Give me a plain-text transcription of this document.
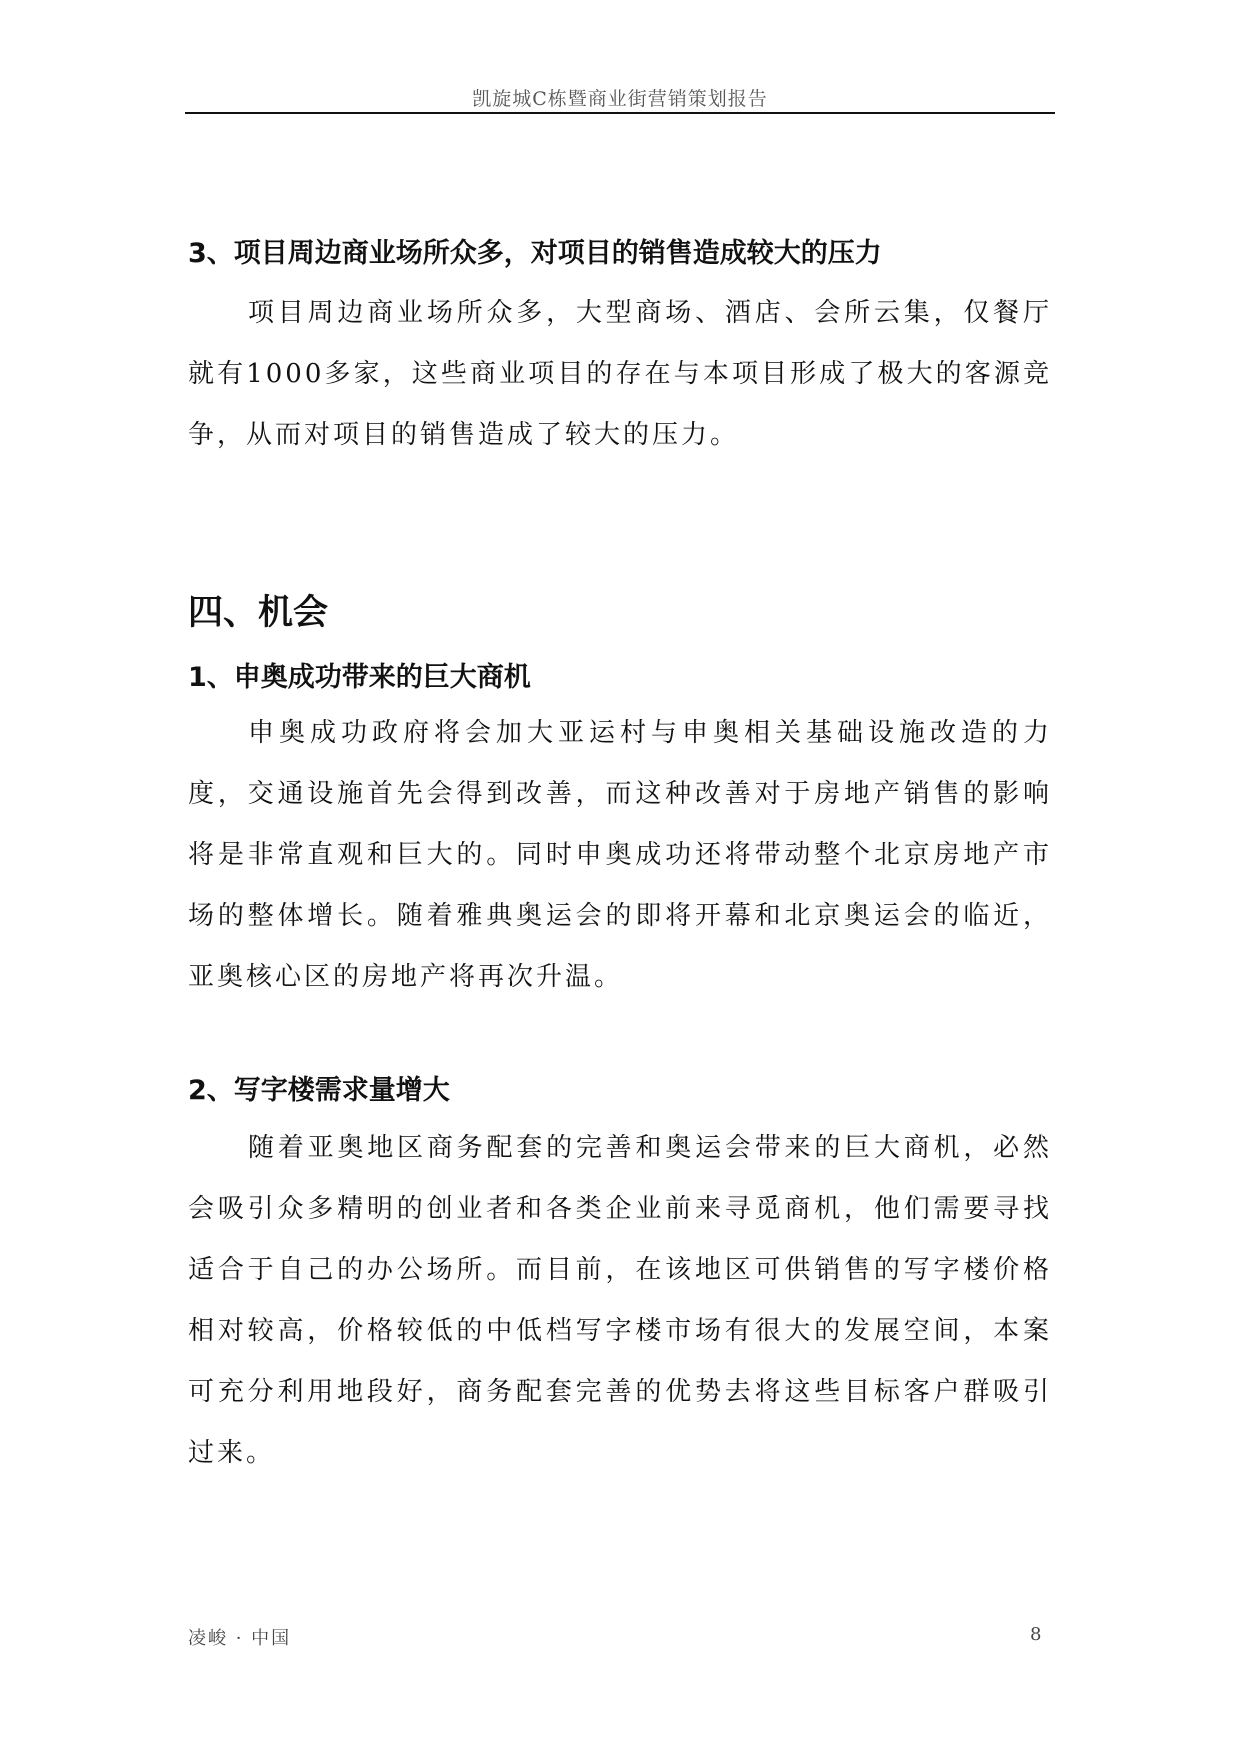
凯旋城C栋暨商业街营销策划报告
3、项目周边商业场所众多，对项目的销售造成较大的压力

项目周边商业场所众多，大型商场、酒店、会所云集，仅餐厅就有1000多家，这些商业项目的存在与本项目形成了极大的客源竞争，从而对项目的销售造成了较大的压力。

四、机会
1、申奥成功带来的巨大商机

申奥成功政府将会加大亚运村与申奥相关基础设施改造的力度，交通设施首先会得到改善，而这种改善对于房地产销售的影响将是非常直观和巨大的。同时申奥成功还将带动整个北京房地产市场的整体增长。随着雅典奥运会的即将开幕和北京奥运会的临近，亚奥核心区的房地产将再次升温。

2、写字楼需求量增大

随着亚奥地区商务配套的完善和奥运会带来的巨大商机，必然会吸引众多精明的创业者和各类企业前来寻觅商机，他们需要寻找适合于自己的办公场所。而目前，在该地区可供销售的写字楼价格相对较高，价格较低的中低档写字楼市场有很大的发展空间，本案可充分利用地段好，商务配套完善的优势去将这些目标客户群吸引过来。

凌峻 · 中国	8
